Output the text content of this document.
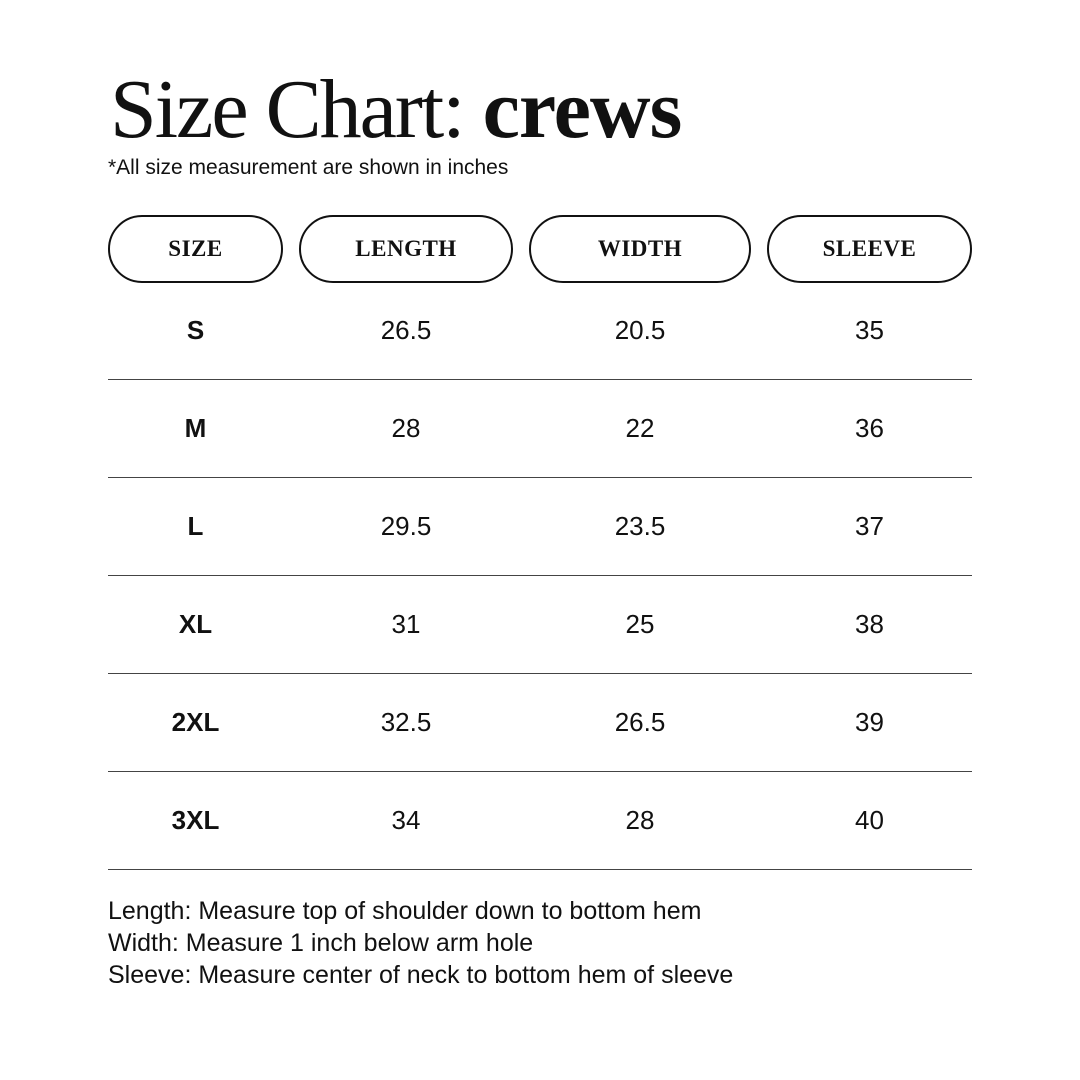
Size Chart: crews

*All size measurement are shown in inches

SIZE	LENGTH	WIDTH	SLEEVE
S	26.5	20.5	35
M	28	22	36
L	29.5	23.5	37
XL	31	25	38
2XL	32.5	26.5	39
3XL	34	28	40
Length: Measure top of shoulder down to bottom hem
Width: Measure 1 inch below arm hole
Sleeve: Measure center of neck to bottom hem of sleeve
